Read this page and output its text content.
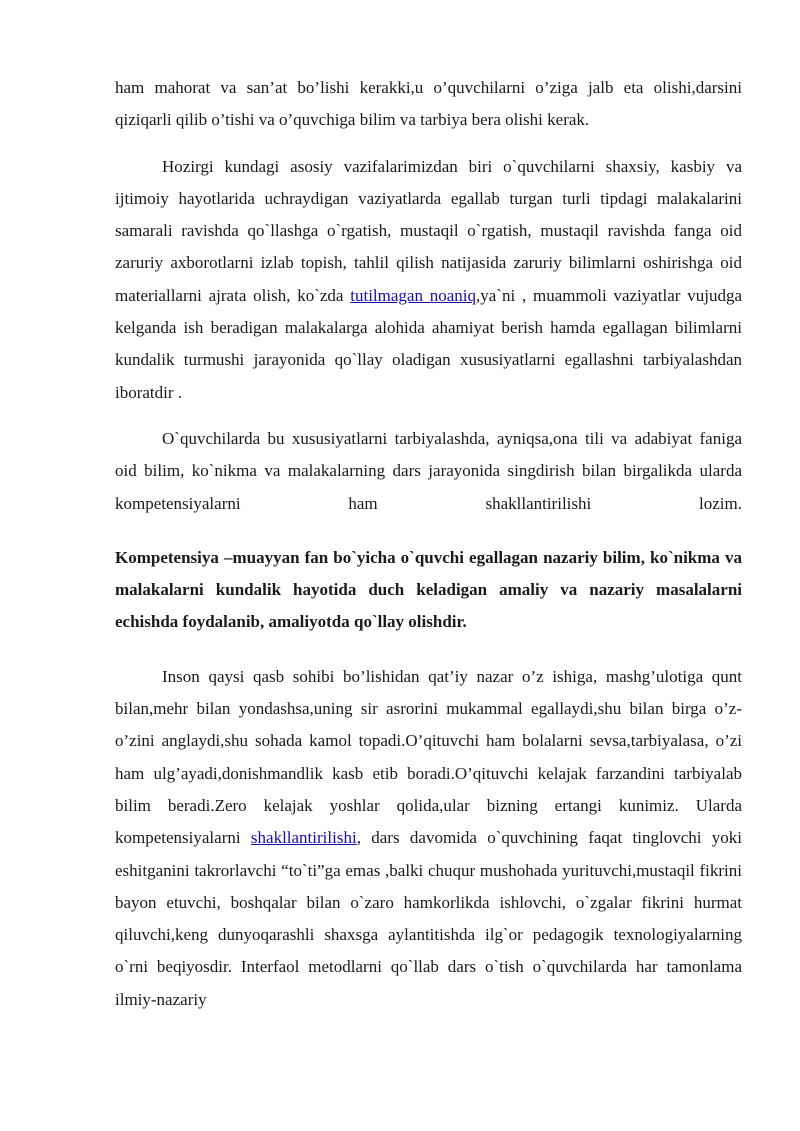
ham mahorat va san’at bo’lishi kerakki,u o’quvchilarni o’ziga jalb eta olishi,darsini qiziqarli qilib o’tishi va o’quvchiga bilim va tarbiya bera olishi kerak.

Hozirgi kundagi asosiy vazifalarimizdan biri o`quvchilarni shaxsiy, kasbiy va ijtimoiy hayotlarida uchraydigan vaziyatlarda egallab turgan turli tipdagi malakalarini samarali ravishda qo`llashga o`rgatish, mustaqil o`rgatish, mustaqil ravishda fanga oid zaruriy axborotlarni izlab topish, tahlil qilish natijasida zaruriy bilimlarni oshirishga oid materiallarni ajrata olish, ko`zda tutilmagan noaniq,ya`ni , muammoli vaziyatlar vujudga kelganda ish beradigan malakalarga alohida ahamiyat berish hamda egallagan bilimlarni kundalik turmushi jarayonida qo`llay oladigan xususiyatlarni egallashni tarbiyalashdan iboratdir .

O`quvchilarda bu xususiyatlarni tarbiyalashda, ayniqsa,ona tili va adabiyat faniga oid bilim, ko`nikma va malakalarning dars jarayonida singdirish bilan birgalikda ularda kompetensiyalarni ham shakllantirilishi lozim.

Kompetensiya –muayyan fan bo`yicha o`quvchi egallagan nazariy bilim, ko`nikma va malakalarni kundalik hayotida duch keladigan amaliy va nazariy masalalarni echishda foydalanib, amaliyotda qo`llay olishdir.

Inson qaysi qasb sohibi bo’lishidan qat’iy nazar o’z ishiga, mashg’ulotiga qunt bilan,mehr bilan yondashsa,uning sir asrorini mukammal egallaydi,shu bilan birga o’z-o’zini anglaydi,shu sohada kamol topadi.O’qituvchi ham bolalarni sevsa,tarbiyalasa, o’zi ham ulg’ayadi,donishmandlik kasb etib boradi.O’qituvchi kelajak farzandini tarbiyalab bilim beradi.Zero kelajak yoshlar qolida,ular bizning ertangi kunimiz. Ularda kompetensiyalarni shakllantirilishi, dars davomida o`quvchining faqat tinglovchi yoki eshitganini takrorlavchi “to`ti”ga emas ,balki chuqur mushohada yurituvchi,mustaqil fikrini bayon etuvchi, boshqalar bilan o`zaro hamkorlikda ishlovchi, o`zgalar fikrini hurmat qiluvchi,keng dunyoqarashli shaxsga aylantitishda ilg`or pedagogik texnologiyalarning o`rni beqiyosdir. Interfaol metodlarni qo`llab dars o`tish o`quvchilarda har tamonlama ilmiy-nazariy
